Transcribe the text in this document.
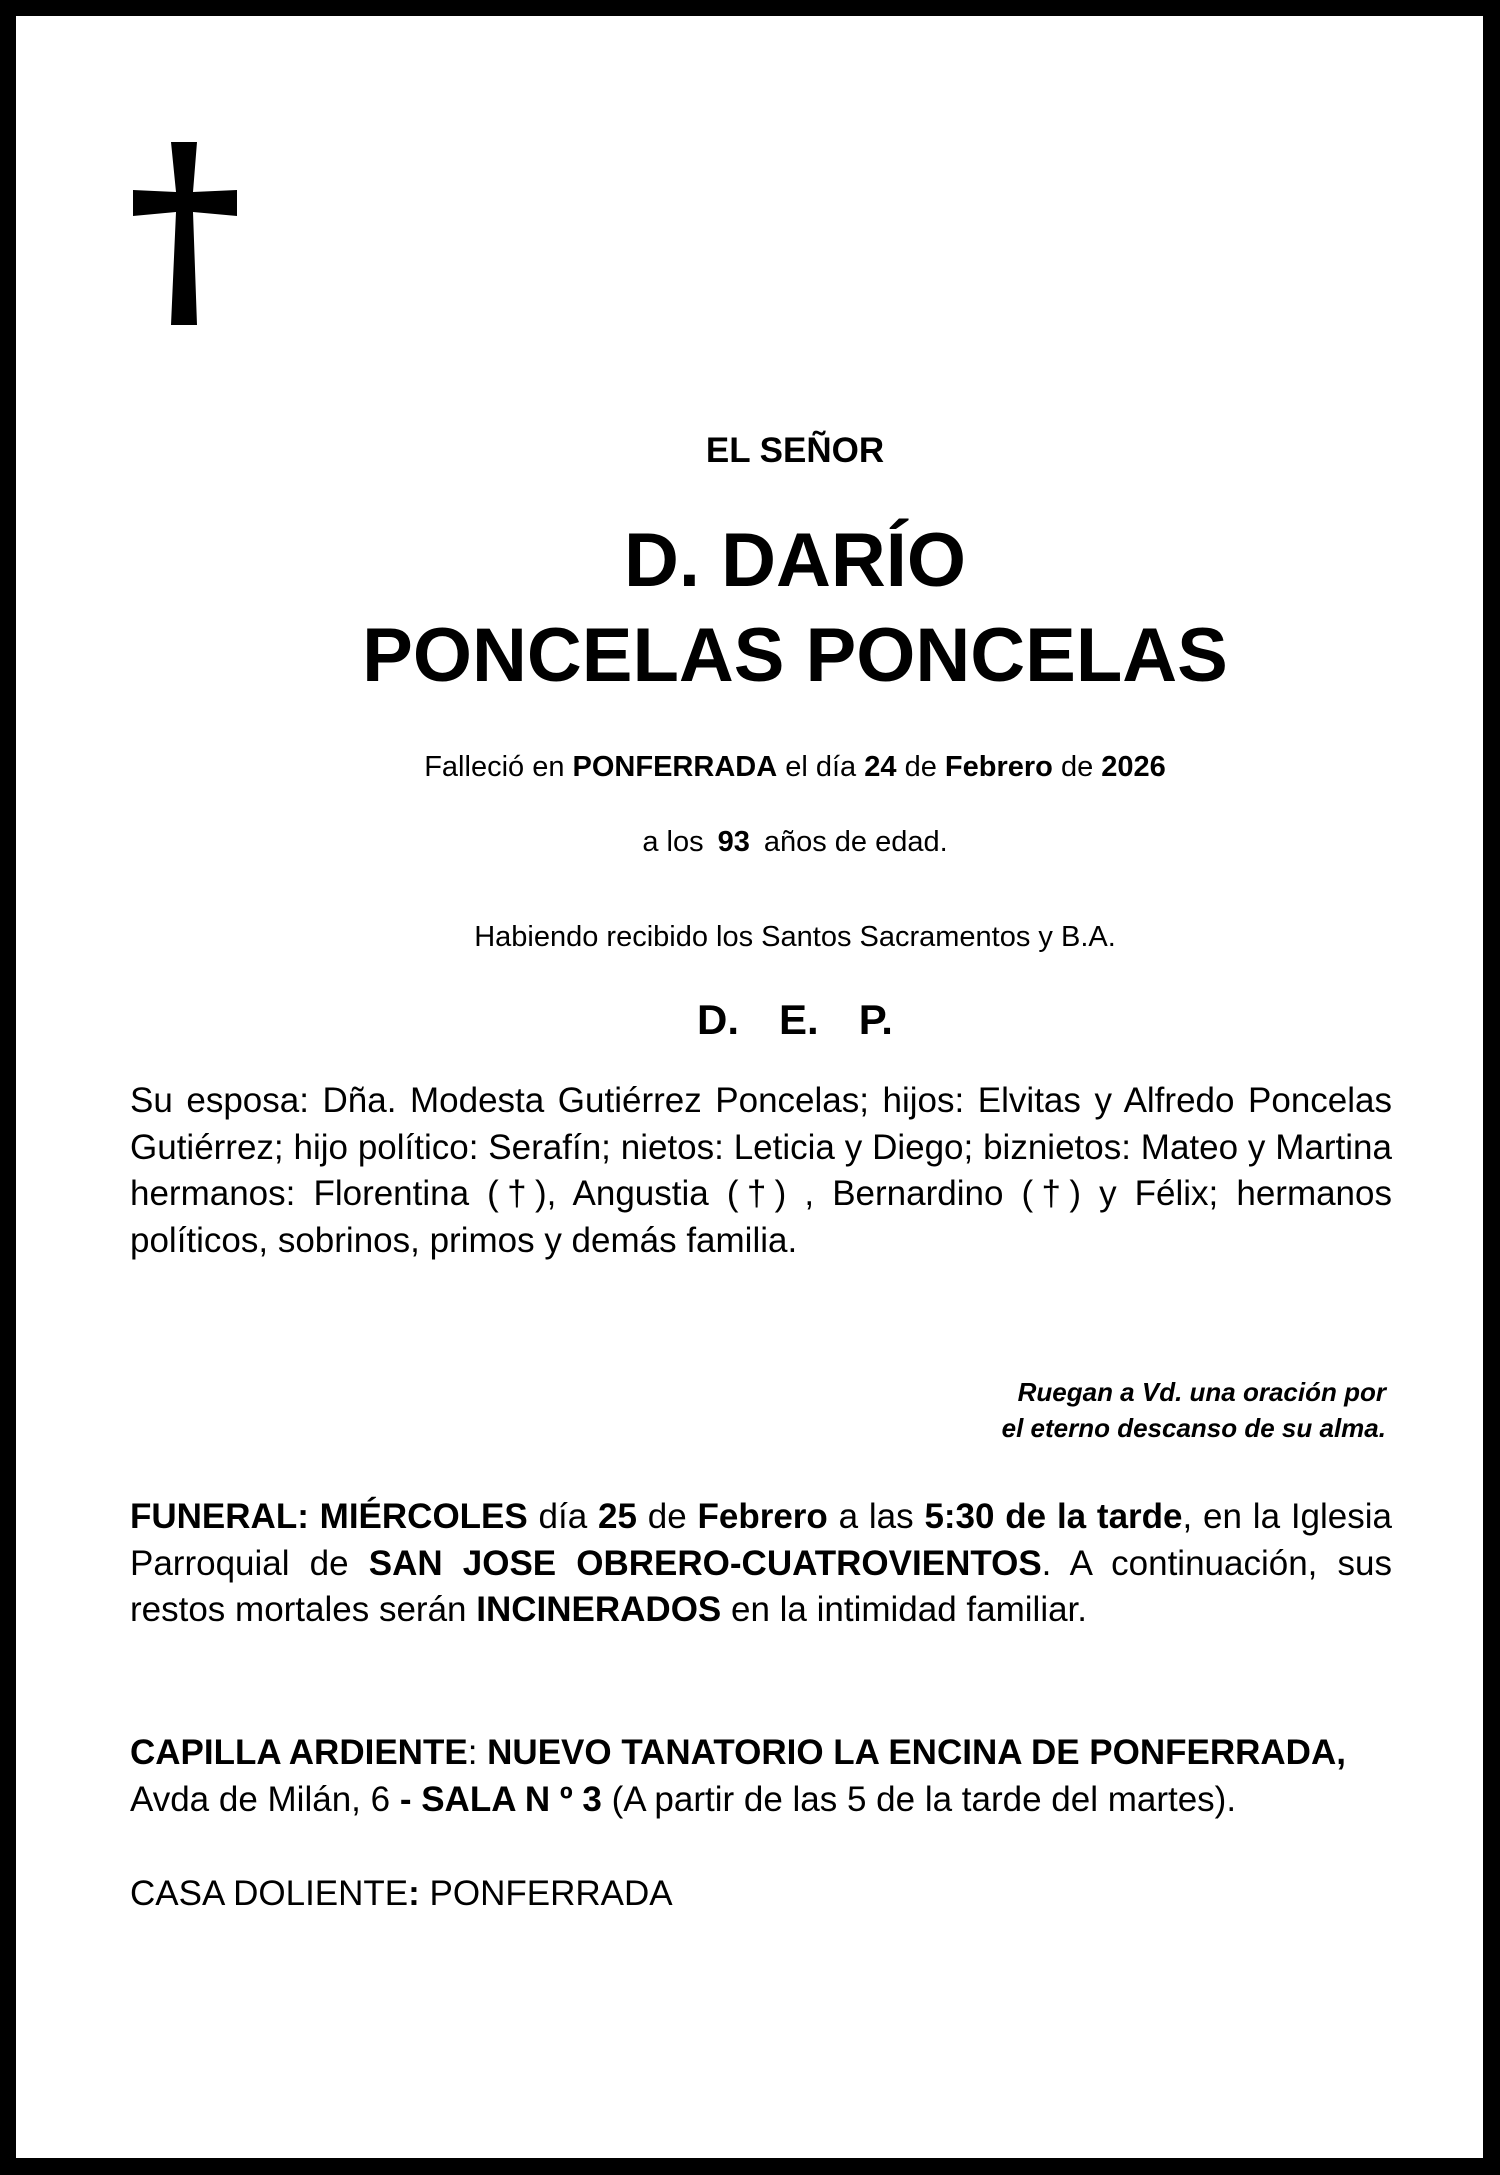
EL SEÑOR
D. DARÍO
PONCELAS PONCELAS
Falleció en PONFERRADA el día 24 de Febrero de 2026
a los 93 años de edad.
Habiendo recibido los Santos Sacramentos y B.A.
D. E. P.
Su esposa: Dña. Modesta Gutiérrez Poncelas; hijos: Elvitas y Alfredo Poncelas Gutiérrez; hijo político: Serafín; nietos: Leticia y Diego; biznietos: Mateo y Martina hermanos: Florentina (†), Angustia (†) , Bernardino (†) y Félix; hermanos políticos, sobrinos, primos y demás familia.
Ruegan a Vd. una oración por
el eterno descanso de su alma.
FUNERAL: MIÉRCOLES día 25 de Febrero a las 5:30 de la tarde, en la Iglesia Parroquial de SAN JOSE OBRERO-CUATROVIENTOS. A continuación, sus restos mortales serán INCINERADOS en la intimidad familiar.
CAPILLA ARDIENTE: NUEVO TANATORIO LA ENCINA DE PONFERRADA,
Avda de Milán, 6 - SALA N º 3 (A partir de las 5 de la tarde del martes).
CASA DOLIENTE: PONFERRADA
